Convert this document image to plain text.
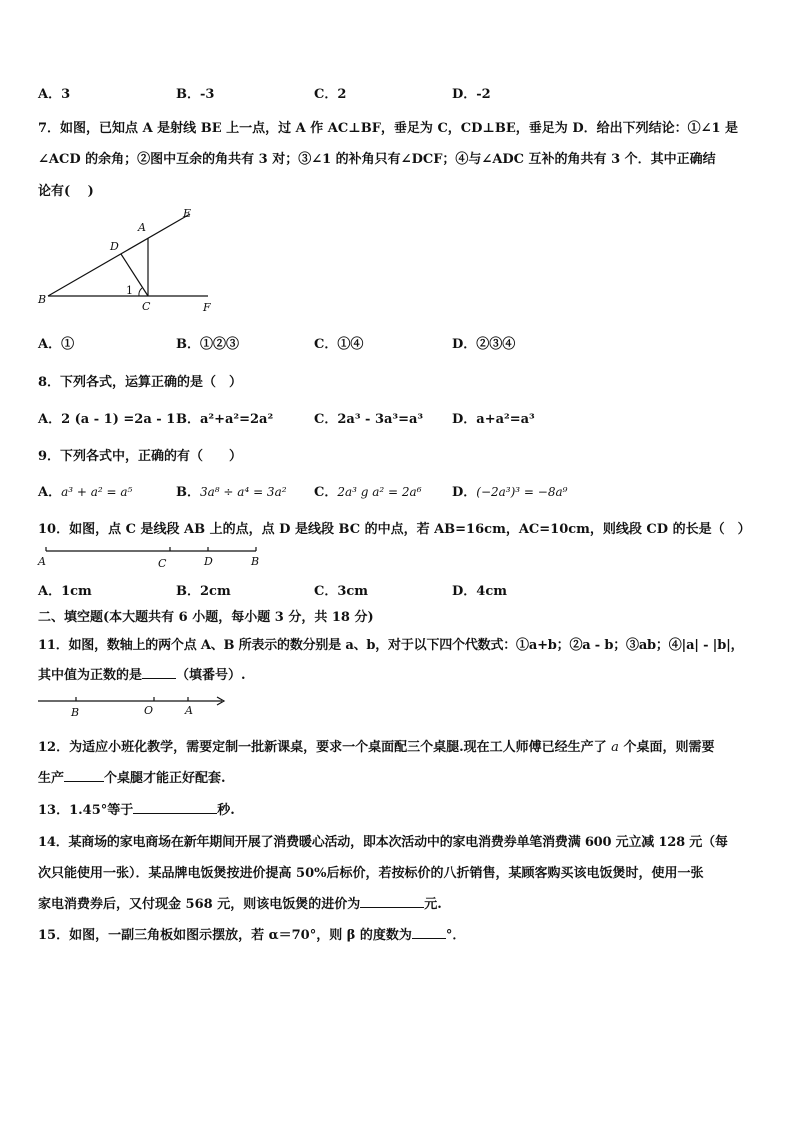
A．3	B．-3	C．2	D．-2
7．如图，已知点 A 是射线 BE 上一点，过 A 作 AC⊥BF，垂足为 C，CD⊥BE，垂足为 D．给出下列结论：①∠1 是
∠ACD 的余角；②图中互余的角共有 3 对；③∠1 的补角只有∠DCF；④与∠ADC 互补的角共有 3 个．其中正确结
论有(　 )
E
A
D
B
1
C	F
A．①	B．①②③	C．①④	D．②③④
8．下列各式，运算正确的是（　）
A．2 (a - 1) =2a - 1 B．a²+a²=2a²	C．2a³ - 3a³=a³ D．a+a²=a³
9．下列各式中，正确的有（　　）
A．a³ + a² = a⁵	B．3a⁸ ÷ a⁴ = 3a² C．2a³ g a² = 2a⁶ D．(−2a³)³ = −8a⁹
10．如图，点 C 是线段 AB 上的点，点 D 是线段 BC 的中点，若 AB=16cm，AC=10cm，则线段 CD 的长是（　）
A	C	D	B
A．1cm	B．2cm	C．3cm	D．4cm
二、填空题(本大题共有 6 小题，每小题 3 分，共 18 分)
11．如图，数轴上的两个点 A、B 所表示的数分别是 a、b，对于以下四个代数式：①a+b；②a - b；③ab；④|a| - |b|，
其中值为正数的是	（填番号）.
B	O	A
12．为适应小班化教学，需要定制一批新课桌，要求一个桌面配三个桌腿.现在工人师傅已经生产了 a 个桌面，则需要
生产	个桌腿才能正好配套.
13．1.45°等于	秒.
14．某商场的家电商场在新年期间开展了消费暖心活动，即本次活动中的家电消费券单笔消费满 600 元立减 128 元（每
次只能使用一张）．某品牌电饭煲按进价提高 50%后标价，若按标价的八折销售，某顾客购买该电饭煲时，使用一张
家电消费券后，又付现金 568 元，则该电饭煲的进价为	元.
15．如图，一副三角板如图示摆放，若 α＝70°，则 β 的度数为	°．
